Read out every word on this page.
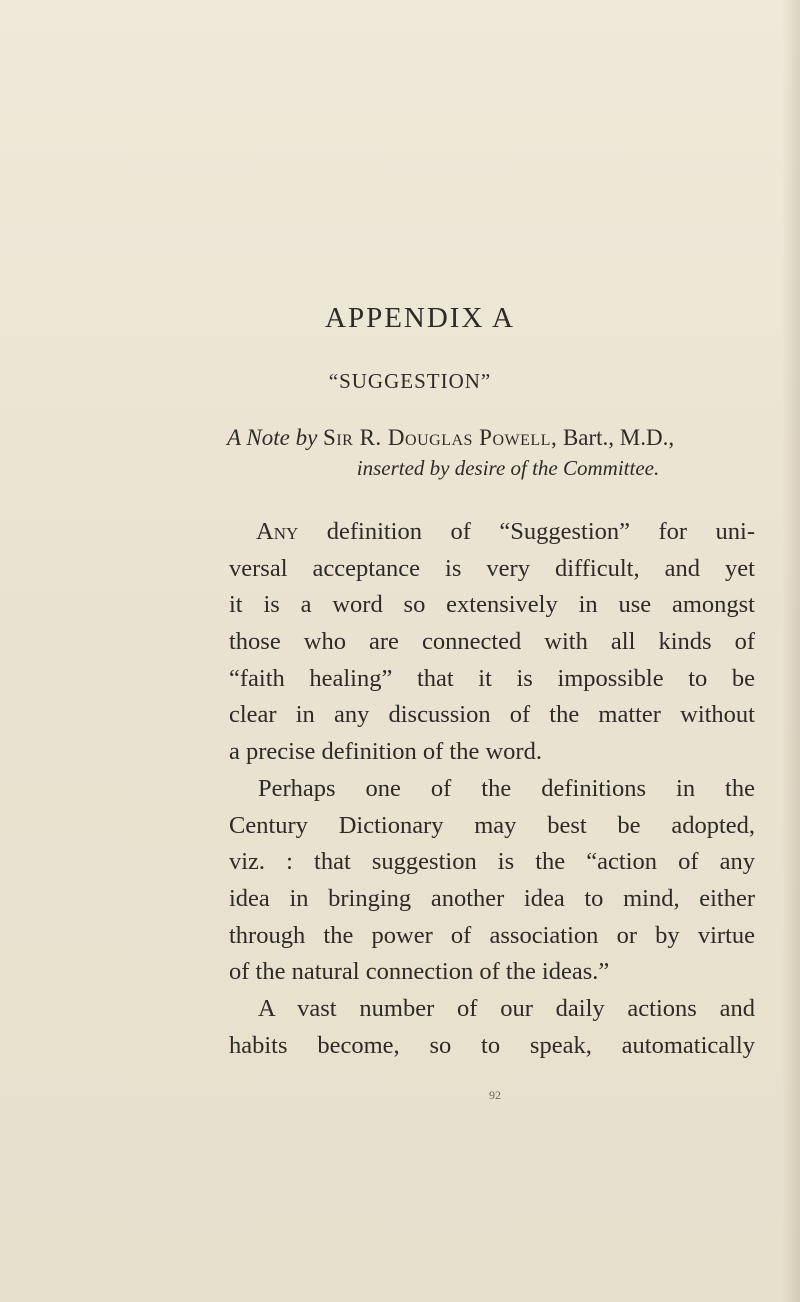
APPENDIX A
“SUGGESTION”
A Note by Sir R. Douglas Powell, Bart., M.D.,
inserted by desire of the Committee.
Any definition of “Suggestion” for uni-
versal acceptance is very difficult, and yet
it is a word so extensively in use amongst
those who are connected with all kinds of
“faith healing” that it is impossible to be
clear in any discussion of the matter without
a precise definition of the word.
Perhaps one of the definitions in the
Century Dictionary may best be adopted,
viz. : that suggestion is the “action of any
idea in bringing another idea to mind, either
through the power of association or by virtue
of the natural connection of the ideas.”
A vast number of our daily actions and
habits become, so to speak, automatically
92
